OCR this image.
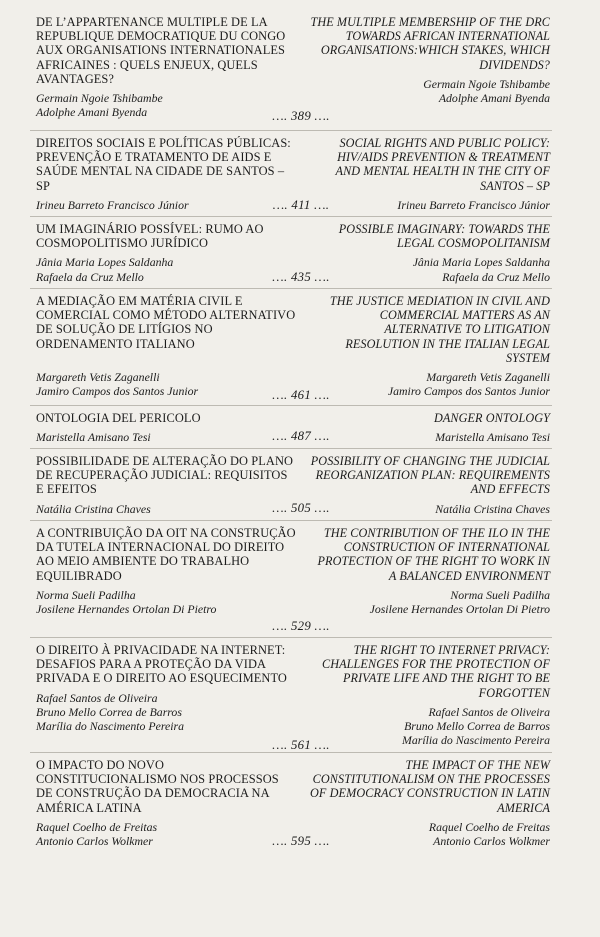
DE L’APPARTENANCE MULTIPLE DE LA REPUBLIQUE DEMOCRATIQUE DU CONGO AUX ORGANISATIONS INTERNATIONALES AFRICAINES : QUELS ENJEUX, QUELS AVANTAGES?

Germain Ngoie Tshibambe
Adolphe Amani Byenda

THE MULTIPLE MEMBERSHIP OF THE DRC TOWARDS AFRICAN INTERNATIONAL ORGANISATIONS:WHICH STAKES, WHICH DIVIDENDS?

Germain Ngoie Tshibambe
Adolphe Amani Byenda
…. 389 ….

DIREITOS SOCIAIS E POLÍTICAS PÚBLICAS: PREVENÇÃO E TRATAMENTO DE AIDS E SAÚDE MENTAL NA CIDADE DE SANTOS – SP

Irineu Barreto Francisco Júnior

SOCIAL RIGHTS AND PUBLIC POLICY: HIV/AIDS PREVENTION & TREATMENT AND MENTAL HEALTH IN THE CITY OF SANTOS – SP

Irineu Barreto Francisco Júnior
…. 411 ….

UM IMAGINÁRIO POSSÍVEL: RUMO AO COSMOPOLITISMO JURÍDICO

Jânia Maria Lopes Saldanha
Rafaela da Cruz Mello

POSSIBLE IMAGINARY: TOWARDS THE LEGAL COSMOPOLITANISM

Jânia Maria Lopes Saldanha
Rafaela da Cruz Mello
…. 435 ….

A MEDIAÇÃO EM MATÉRIA CIVIL E COMERCIAL COMO MÉTODO ALTERNATIVO DE SOLUÇÃO DE LITÍGIOS NO ORDENAMENTO ITALIANO

Margareth Vetis Zaganelli
Jamiro Campos dos Santos Junior

THE JUSTICE MEDIATION IN CIVIL AND COMMERCIAL MATTERS AS AN ALTERNATIVE TO LITIGATION RESOLUTION IN THE ITALIAN LEGAL SYSTEM

Margareth Vetis Zaganelli
Jamiro Campos dos Santos Junior
…. 461 ….

ONTOLOGIA DEL PERICOLO

Maristella Amisano Tesi

DANGER ONTOLOGY

Maristella Amisano Tesi
…. 487 ….

POSSIBILIDADE DE ALTERAÇÃO DO PLANO DE RECUPERAÇÃO JUDICIAL: REQUISITOS E EFEITOS

Natália Cristina Chaves

POSSIBILITY OF CHANGING THE JUDICIAL REORGANIZATION PLAN: REQUIREMENTS AND EFFECTS

Natália Cristina Chaves
…. 505 ….

A CONTRIBUIÇÃO DA OIT NA CONSTRUÇÃO DA TUTELA INTERNACIONAL DO DIREITO AO MEIO AMBIENTE DO TRABALHO EQUILIBRADO

Norma Sueli Padilha
Josilene Hernandes Ortolan Di Pietro

THE CONTRIBUTION OF THE ILO IN THE CONSTRUCTION OF INTERNATIONAL PROTECTION OF THE RIGHT TO WORK IN A BALANCED ENVIRONMENT

Norma Sueli Padilha
Josilene Hernandes Ortolan Di Pietro
…. 529 ….

O DIREITO À PRIVACIDADE NA INTERNET: DESAFIOS PARA A PROTEÇÃO DA VIDA PRIVADA E O DIREITO AO ESQUECIMENTO

Rafael Santos de Oliveira
Bruno Mello Correa de Barros
Marília do Nascimento Pereira

THE RIGHT TO INTERNET PRIVACY: CHALLENGES FOR THE PROTECTION OF PRIVATE LIFE AND THE RIGHT TO BE FORGOTTEN

Rafael Santos de Oliveira
Bruno Mello Correa de Barros
Marília do Nascimento Pereira
…. 561 ….

O IMPACTO DO NOVO CONSTITUCIONALISMO NOS PROCESSOS DE CONSTRUÇÃO DA DEMOCRACIA NA AMÉRICA LATINA

Raquel Coelho de Freitas
Antonio Carlos Wolkmer

THE IMPACT OF THE NEW CONSTITUTIONALISM ON THE PROCESSES OF DEMOCRACY CONSTRUCTION IN LATIN AMERICA

Raquel Coelho de Freitas
Antonio Carlos Wolkmer
…. 595 ….
